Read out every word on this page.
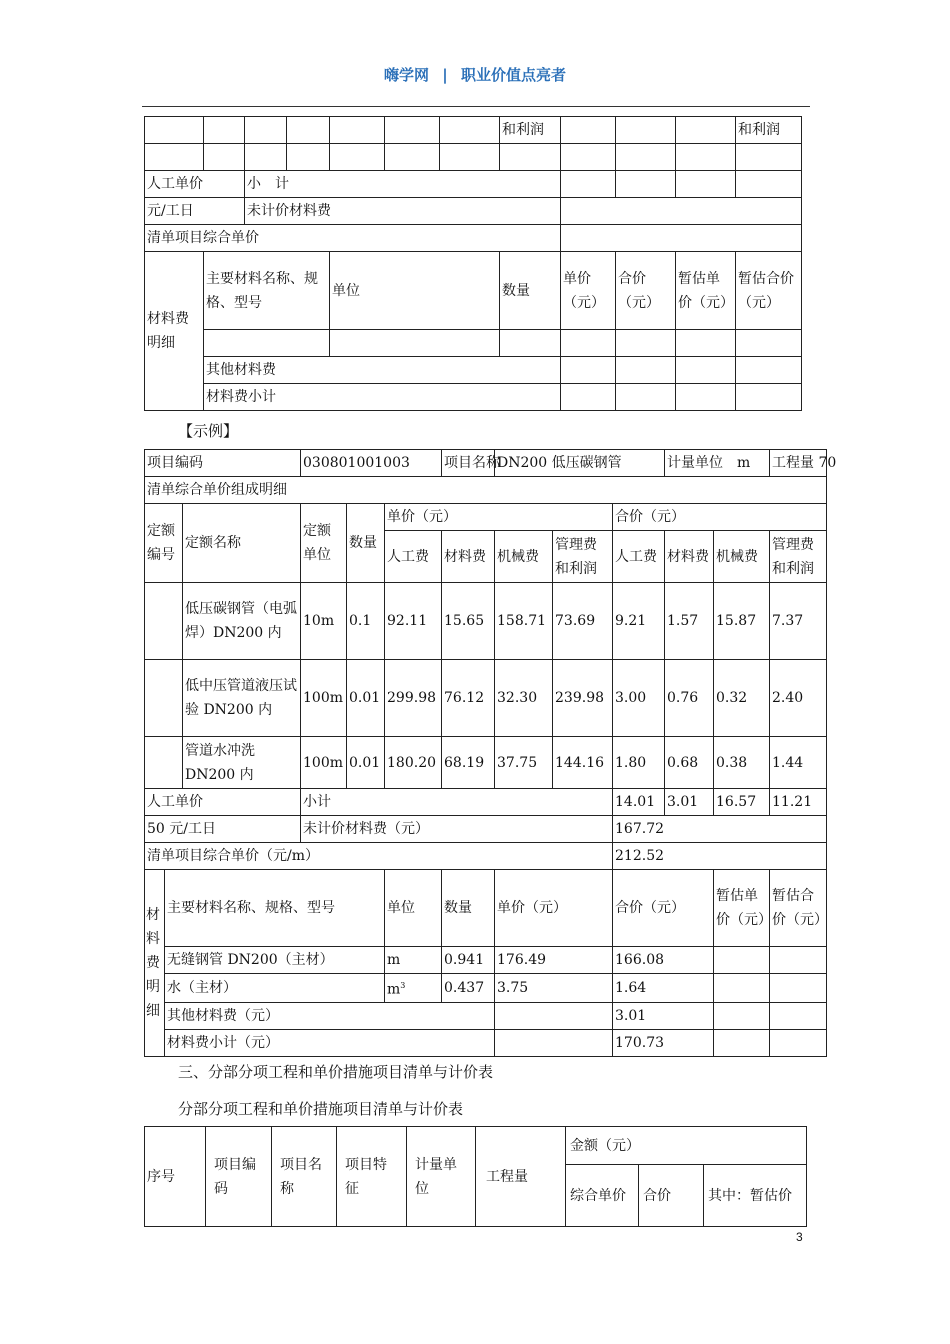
嗨学网 | 职业价值点亮者
							和利润				和利润

人工单价		小　计									
元/工日		未计价材料费									
清单项目综合单价											
材料费明细	主要材料名称、规格、型号			单位			数量	单价（元）	合价（元）	暂估单价（元）	暂估合价（元）

	其他材料费										
	材料费小计										
【示例】
项目编码			030801001003			项目名称	DN200 低压碳钢管			计量单位　m		工程量 70
清单综合单价组成明细												
定额编号		定额名称	定额单位	数量	单价（元）				合价（元）			
					人工费	材料费	机械费	管理费和利润	人工费	材料费	机械费	管理费和利润
		低压碳钢管（电弧焊）DN200 内	10m	0.1	92.11	15.65	158.71	73.69	9.21	1.57	15.87	7.37
		低中压管道液压试验 DN200 内	100m	0.01	299.98	76.12	32.30	239.98	3.00	0.76	0.32	2.40
		管道水冲洗DN200 内	100m	0.01	180.20	68.19	37.75	144.16	1.80	0.68	0.38	1.44
人工单价			小计						14.01	3.01	16.57	11.21
50 元/工日			未计价材料费（元）						167.72			
清单项目综合单价（元/m）									212.52			
材料费明细	主要材料名称、规格、型号				单位	数量	单价（元）		合价（元）		暂估单价（元）	暂估合价（元）
	无缝钢管 DN200（主材）				m	0.941	176.49		166.08			
	水（主材）				$m^3$	0.437	3.75		1.64			
	其他材料费（元）								3.01			
	材料费小计（元）								170.73			
三、分部分项工程和单价措施项目清单与计价表
分部分项工程和单价措施项目清单与计价表
序号	项目编码	项目名称	项目特征	计量单位	工程量	金额（元）		
						综合单价	合价	其中：暂估价
3
